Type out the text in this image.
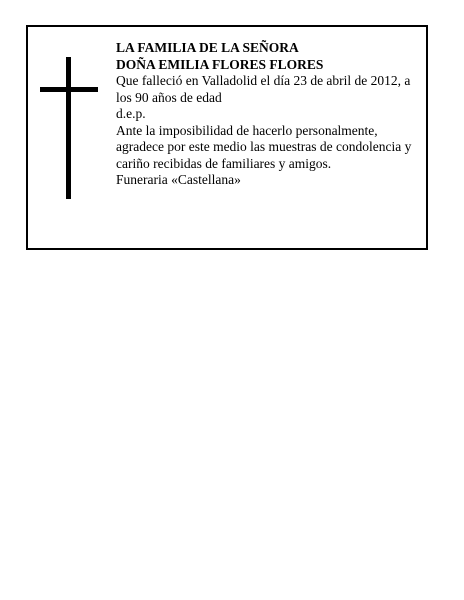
LA FAMILIA DE LA SEÑORA

DOÑA EMILIA FLORES FLORES

Que falleció en Valladolid el día 23 de abril de 2012, a los 90 años de edad

d.e.p.

Ante la imposibilidad de hacerlo personalmente, agradece por este medio las muestras de condolencia y cariño recibidas de familiares y amigos.

Funeraria «Castellana»
